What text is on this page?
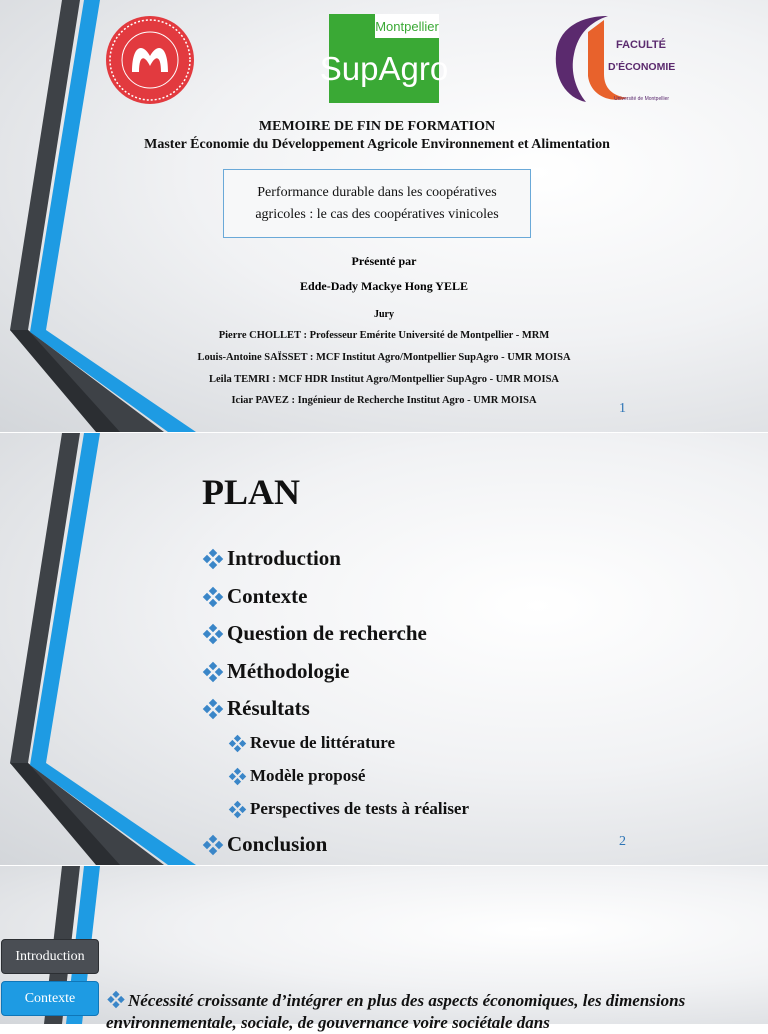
Montpellier
SupAgro
FACULTÉ
D'ÉCONOMIE
Université de Montpellier
MEMOIRE DE FIN DE FORMATION
Master Économie du Développement Agricole Environnement et Alimentation
Performance durable dans les coopératives
agricoles : le cas des coopératives vinicoles
Présenté par
Edde-Dady Mackye Hong YELE
Jury
Pierre CHOLLET : Professeur Emérite Université de Montpellier - MRM
Louis-Antoine SAÏSSET : MCF Institut Agro/Montpellier SupAgro - UMR MOISA
Leila TEMRI : MCF HDR Institut Agro/Montpellier SupAgro - UMR MOISA
Iciar PAVEZ : Ingénieur de Recherche Institut Agro - UMR MOISA
1
PLAN
Introduction
Contexte
Question de recherche
Méthodologie
Résultats
Revue de littérature
Modèle proposé
Perspectives de tests à réaliser
Conclusion	2
Introduction
Contexte	Nécessité croissante d’intégrer en plus des aspects économiques, les dimensions environnementale, sociale, de gouvernance voire sociétale dans
